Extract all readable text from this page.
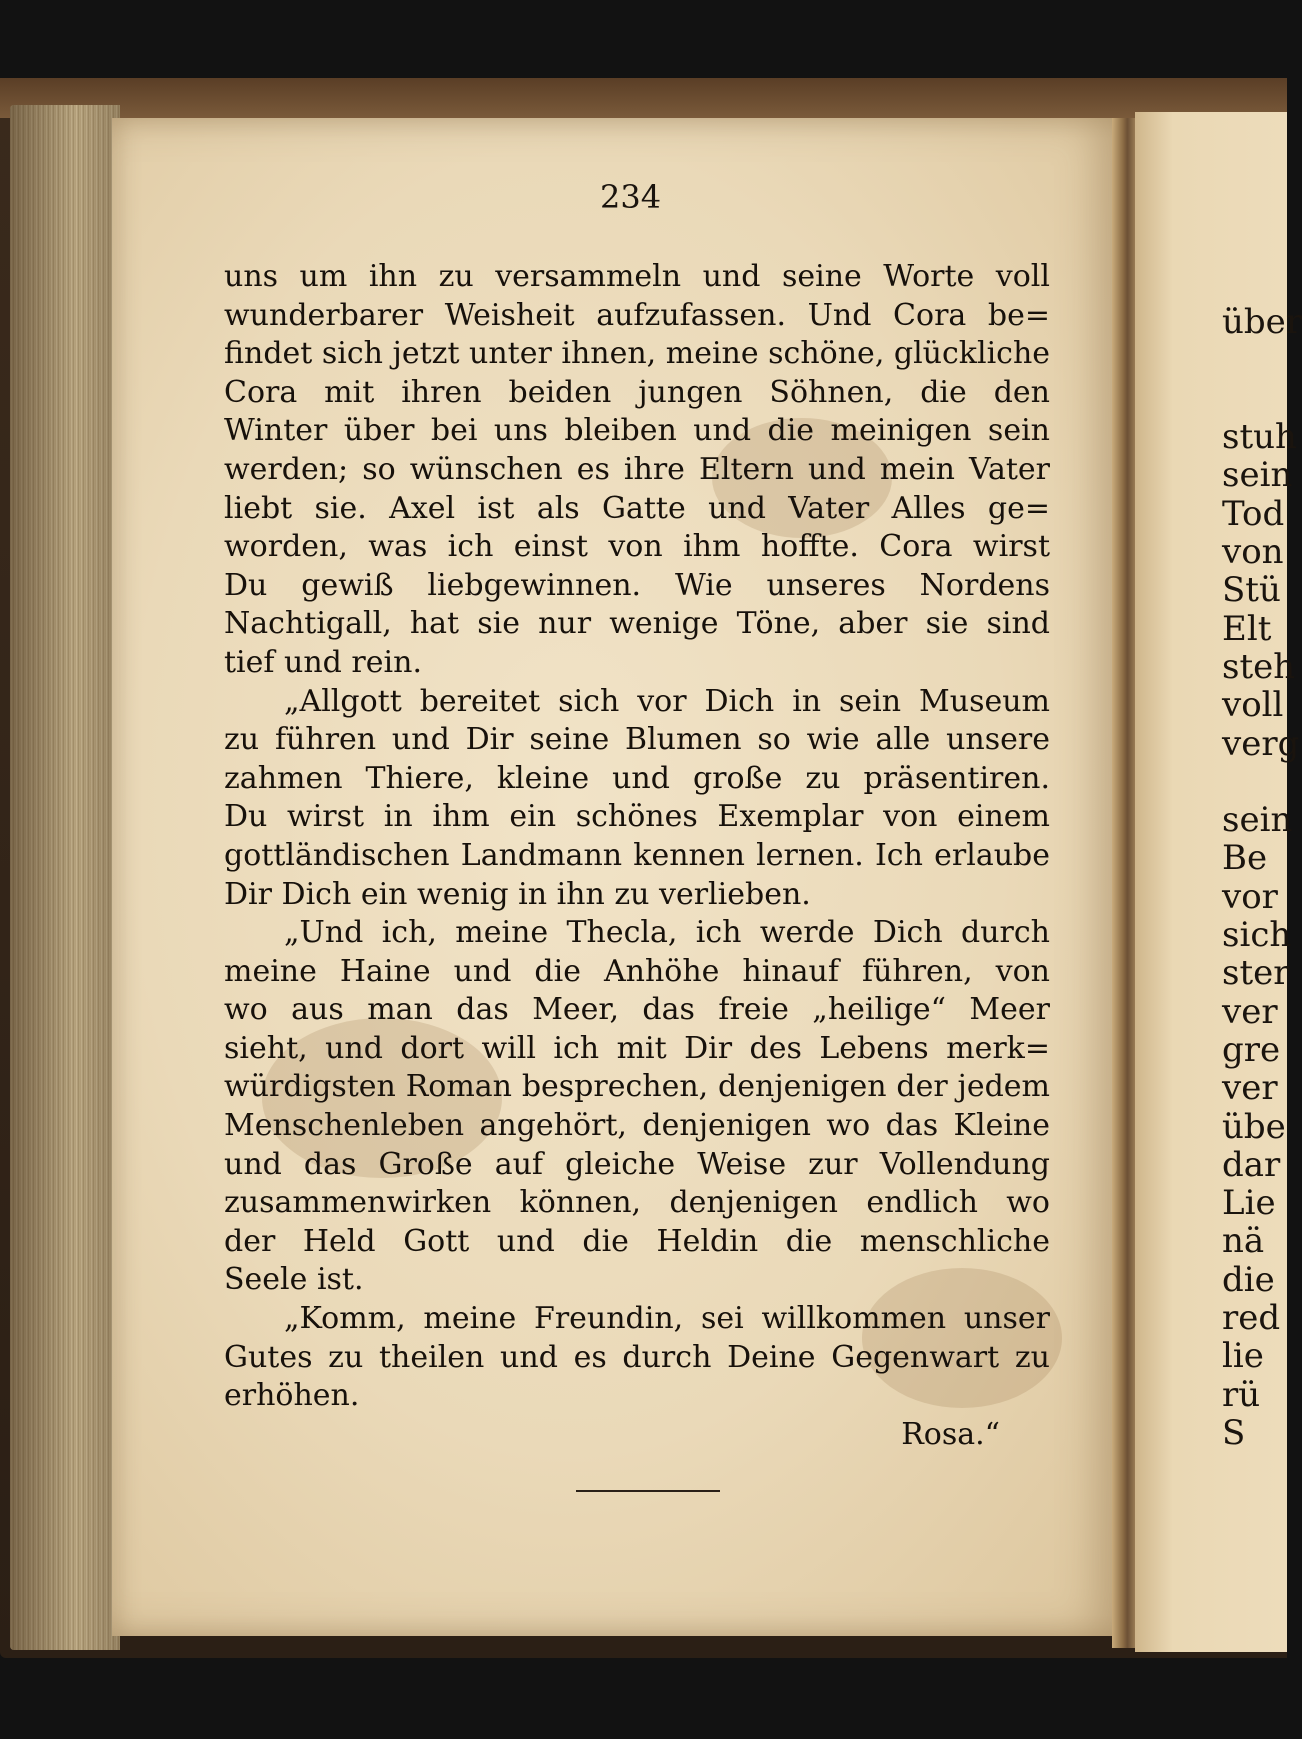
über
stuh
sein
Tod
von
Stü
Elt
steh
voll
verg
sein
Be
vor
sich
ster
ver
gre
ver
übe
dar
Lie
nä
die
red
lie
rü
S
234
uns um ihn zu versammeln und seine Worte voll
wunderbarer Weisheit aufzufassen. Und Cora be=
findet sich jetzt unter ihnen, meine schöne, glückliche
Cora mit ihren beiden jungen Söhnen, die den
Winter über bei uns bleiben und die meinigen sein
werden; so wünschen es ihre Eltern und mein Vater
liebt sie. Axel ist als Gatte und Vater Alles ge=
worden, was ich einst von ihm hoffte. Cora wirst
Du gewiß liebgewinnen. Wie unseres Nordens
Nachtigall, hat sie nur wenige Töne, aber sie sind
tief und rein.
„Allgott bereitet sich vor Dich in sein Museum
zu führen und Dir seine Blumen so wie alle unsere
zahmen Thiere, kleine und große zu präsentiren.
Du wirst in ihm ein schönes Exemplar von einem
gottländischen Landmann kennen lernen. Ich erlaube
Dir Dich ein wenig in ihn zu verlieben.
„Und ich, meine Thecla, ich werde Dich durch
meine Haine und die Anhöhe hinauf führen, von
wo aus man das Meer, das freie „heilige“ Meer
sieht, und dort will ich mit Dir des Lebens merk=
würdigsten Roman besprechen, denjenigen der jedem
Menschenleben angehört, denjenigen wo das Kleine
und das Große auf gleiche Weise zur Vollendung
zusammenwirken können, denjenigen endlich wo
der Held Gott und die Heldin die menschliche
Seele ist.
„Komm, meine Freundin, sei willkommen unser
Gutes zu theilen und es durch Deine Gegenwart zu
erhöhen.
Rosa.“
